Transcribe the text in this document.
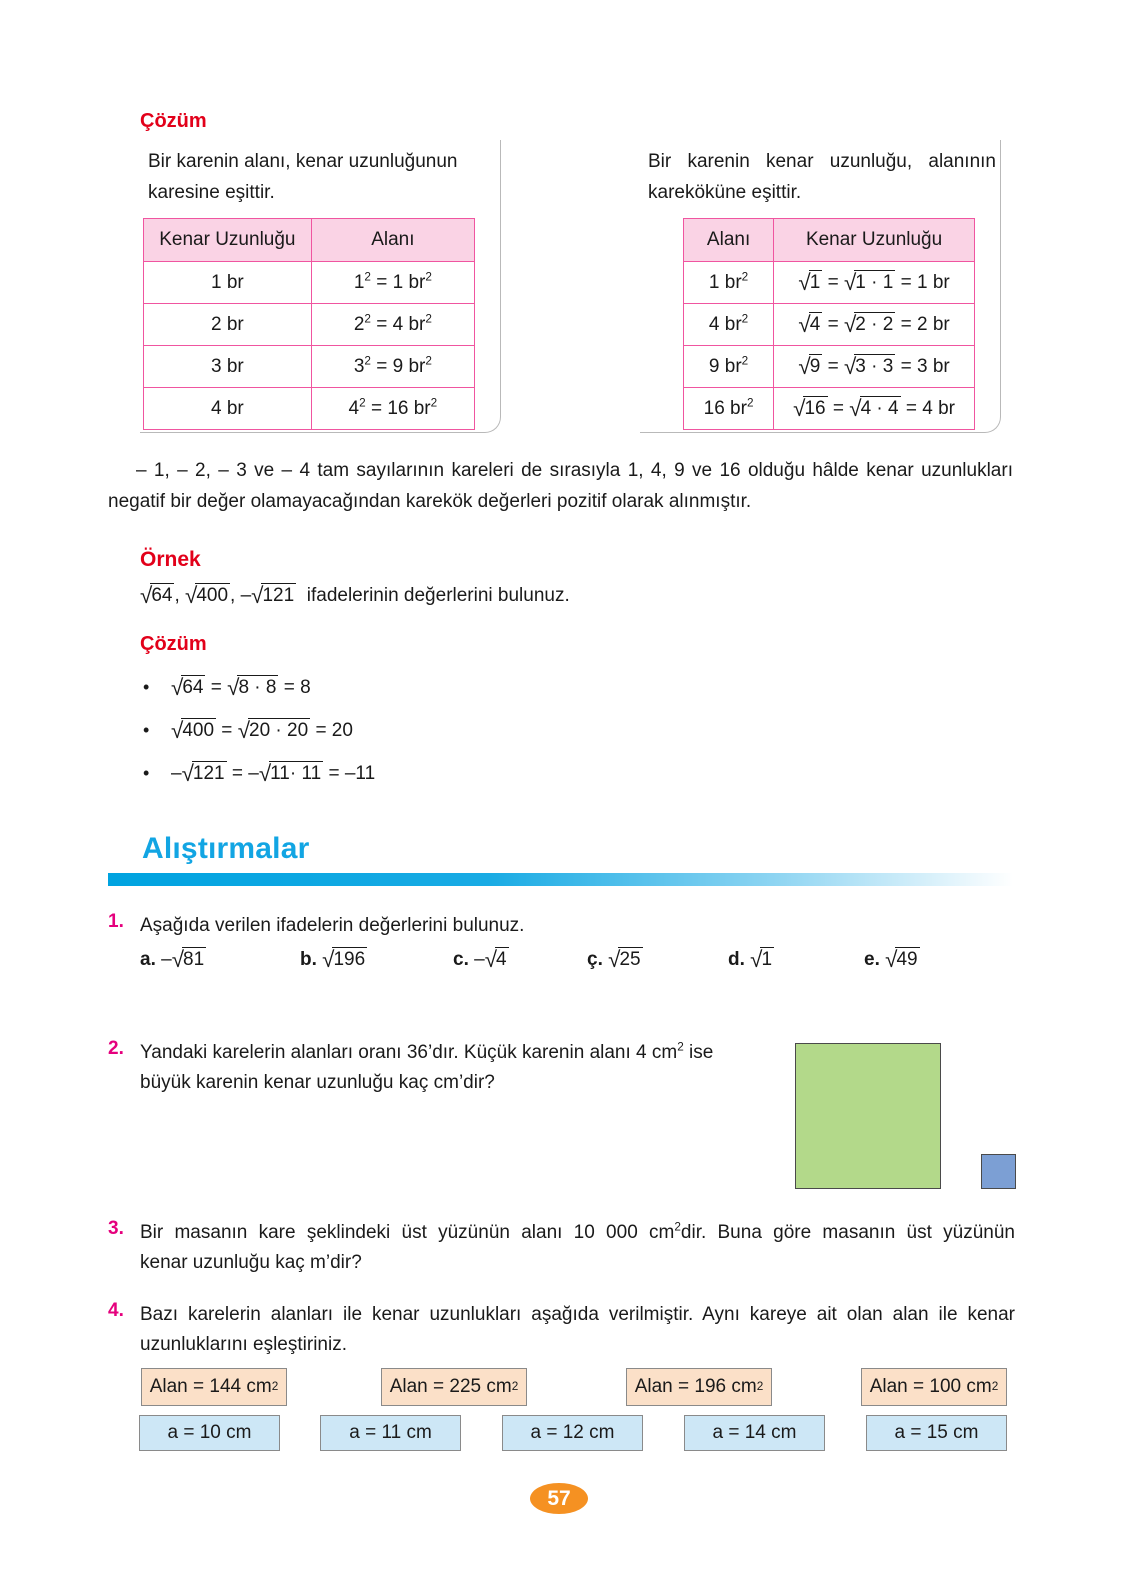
Çözüm
Bir karenin alanı, kenar uzunluğunun karesine eşittir.
Bir karenin kenar uzunluğu, alanının kareköküne eşittir.
Kenar Uzunluğu	Alanı
1 br	$1^2 = 1$ $br^2$
2 br	$2^2 = 4$ $br^2$
3 br	$3^2 = 9$ $br^2$
4 br	$4^2 = 16$ $br^2$
Alanı	Kenar Uzunluğu
1 $br^2$	√1 = √1 · 1 = 1 br
4 $br^2$	√4 = √2 · 2 = 2 br
9 $br^2$	√9 = √3 · 3 = 3 br
16 $br^2$	√16 = √4 · 4 = 4 br
– 1, – 2, – 3 ve – 4 tam sayılarının kareleri de sırasıyla 1, 4, 9 ve 16 olduğu hâlde kenar uzunlukları negatif bir değer olamayacağından karekök değerleri pozitif olarak alınmıştır.
Örnek
√64 , √400 , –√121 ifadelerinin değerlerini bulunuz.
Çözüm
• √64 = √8 · 8 = 8
• √400 = √20 · 20 = 20
• –√121 = –√11· 11 = –11
Alıştırmalar
1. Aşağıda verilen ifadelerin değerlerini bulunuz.
a. –√81	b. √196	c. –√4	ç. √25	d. √1	e. √49
2. Yandaki karelerin alanları oranı 36’dır. Küçük karenin alanı 4 $cm^2$ ise
büyük karenin kenar uzunluğu kaç cm’dir?
3. Bir masanın kare şeklindeki üst yüzünün alanı 10 000 $cm^2dir$. Buna göre masanın üst yüzünün
kenar uzunluğu kaç m’dir?
4. Bazı karelerin alanları ile kenar uzunlukları aşağıda verilmiştir. Aynı kareye ait olan alan ile kenar
uzunluklarını eşleştiriniz.
Alan = 144 cm 2	Alan = 225 cm 2	Alan = 196 cm 2	Alan = 100 cm 2
a = 10 cm	a = 11 cm	a = 12 cm	a = 14 cm	a = 15 cm
57
